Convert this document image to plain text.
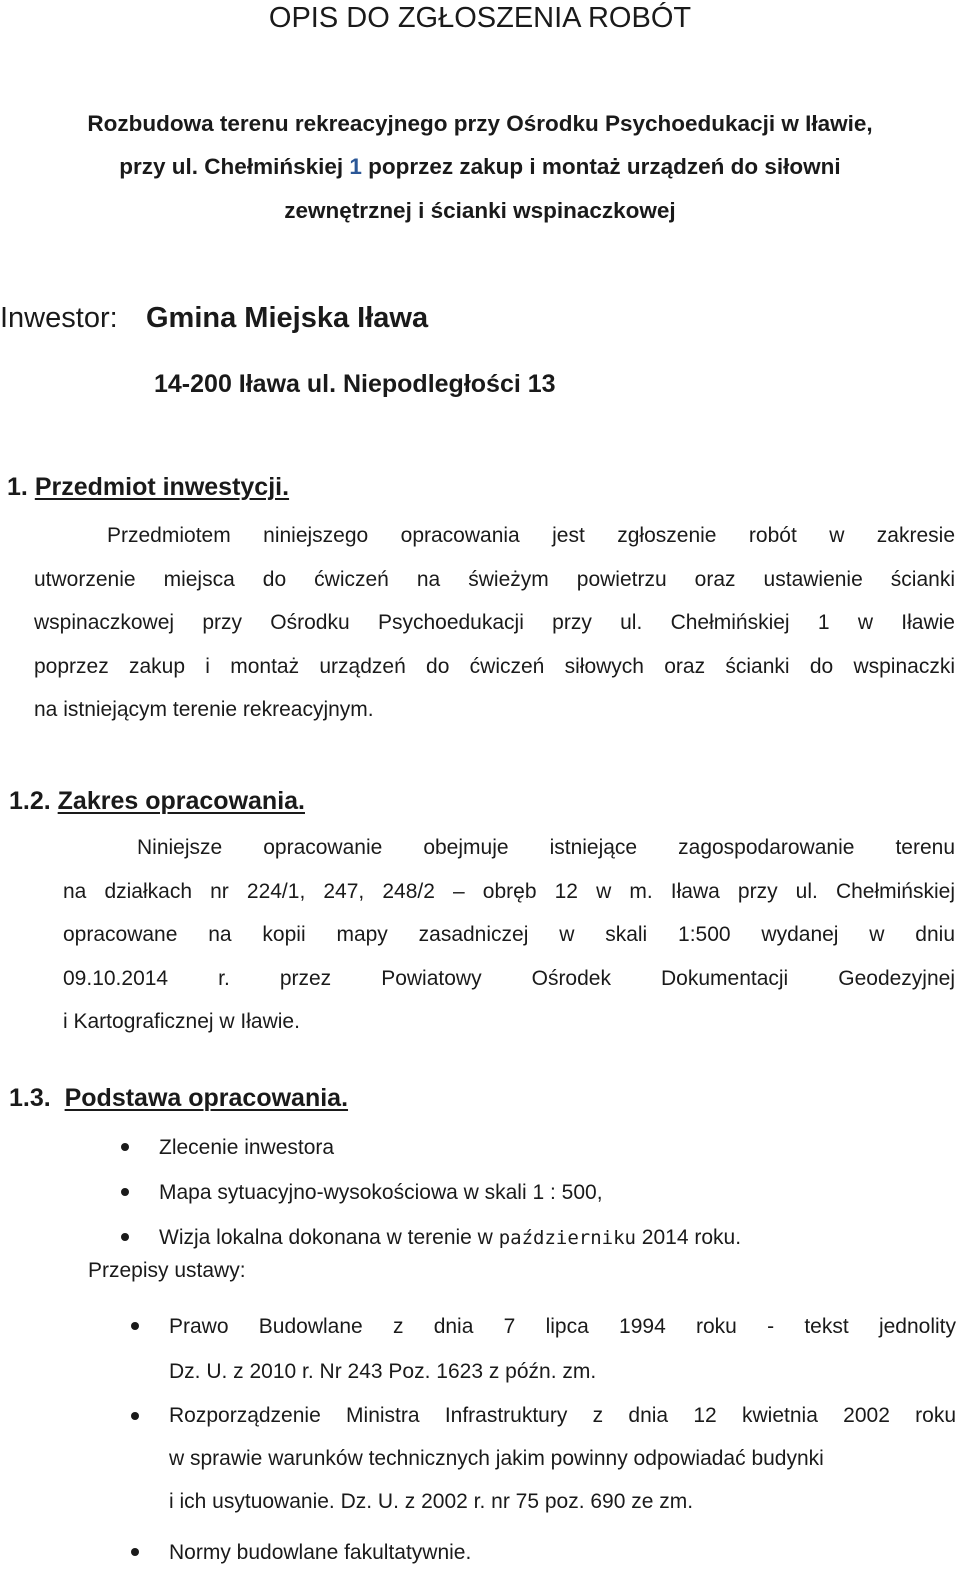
OPIS DO ZGŁOSZENIA ROBÓT
Rozbudowa terenu rekreacyjnego przy Ośrodku Psychoedukacji w Iławie,
przy ul. Chełmińskiej 1 poprzez zakup i montaż urządzeń do siłowni
zewnętrznej i ścianki wspinaczkowej
Inwestor: Gmina Miejska Iława
14-200 Iława ul. Niepodległości 13
1. Przedmiot inwestycji.
Przedmiotem niniejszego opracowania jest zgłoszenie robót w zakresie
utworzenie miejsca do ćwiczeń na świeżym powietrzu oraz ustawienie ścianki
wspinaczkowej przy Ośrodku Psychoedukacji przy ul. Chełmińskiej 1 w Iławie
poprzez zakup i montaż urządzeń do ćwiczeń siłowych oraz ścianki do wspinaczki
na istniejącym terenie rekreacyjnym.
1.2. Zakres opracowania.
Niniejsze opracowanie obejmuje istniejące zagospodarowanie terenu
na działkach nr 224/1, 247, 248/2 – obręb 12 w m. Iława przy ul. Chełmińskiej
opracowane na kopii mapy zasadniczej w skali 1:500 wydanej w dniu
09.10.2014 r. przez Powiatowy Ośrodek Dokumentacji Geodezyjnej
i Kartograficznej w Iławie.
1.3. Podstawa opracowania.
Zlecenie inwestora
Mapa sytuacyjno-wysokościowa w skali 1 : 500,
Wizja lokalna dokonana w terenie w październiku 2014 roku.
Przepisy ustawy:
Prawo Budowlane z dnia 7 lipca 1994 roku - tekst jednolity
Dz. U. z 2010 r. Nr 243 Poz. 1623 z późn. zm.
Rozporządzenie Ministra Infrastruktury z dnia 12 kwietnia 2002 roku
w sprawie warunków technicznych jakim powinny odpowiadać budynki
i ich usytuowanie. Dz. U. z 2002 r. nr 75 poz. 690 ze zm.
Normy budowlane fakultatywnie.
